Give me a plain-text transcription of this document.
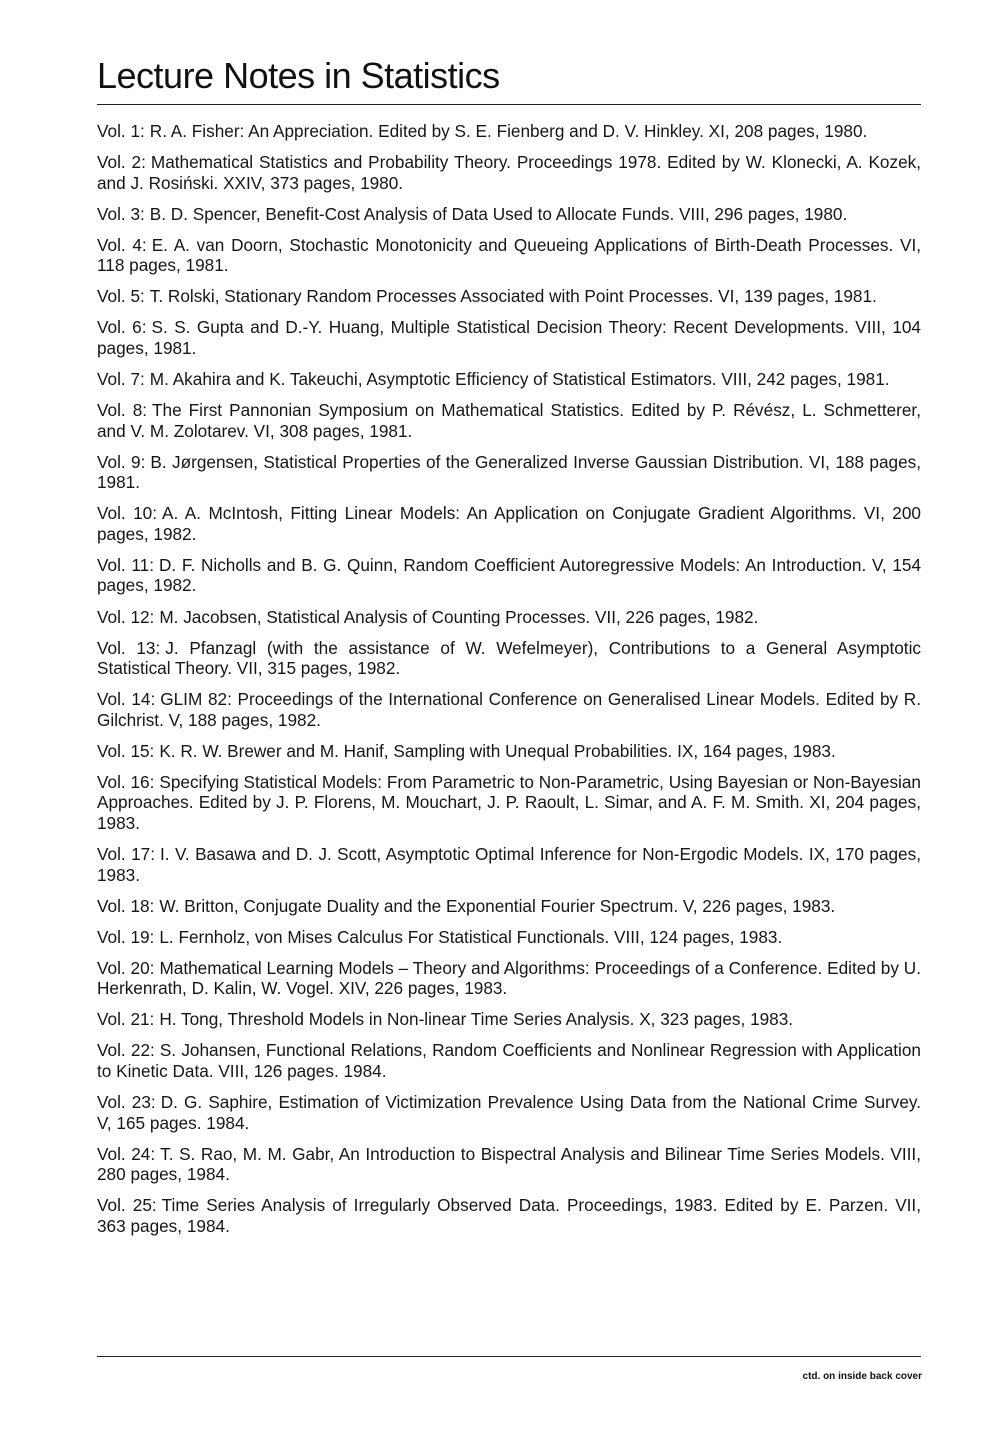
Lecture Notes in Statistics
Vol. 1: R. A. Fisher: An Appreciation. Edited by S. E. Fienberg and D. V. Hinkley. XI, 208 pages, 1980.
Vol. 2: Mathematical Statistics and Probability Theory. Proceedings 1978. Edited by W. Klonecki, A. Kozek, and J. Rosiński. XXIV, 373 pages, 1980.
Vol. 3: B. D. Spencer, Benefit-Cost Analysis of Data Used to Allocate Funds. VIII, 296 pages, 1980.
Vol. 4: E. A. van Doorn, Stochastic Monotonicity and Queueing Applications of Birth-Death Processes. VI, 118 pages, 1981.
Vol. 5: T. Rolski, Stationary Random Processes Associated with Point Processes. VI, 139 pages, 1981.
Vol. 6: S. S. Gupta and D.-Y. Huang, Multiple Statistical Decision Theory: Recent Developments. VIII, 104 pages, 1981.
Vol. 7: M. Akahira and K. Takeuchi, Asymptotic Efficiency of Statistical Estimators. VIII, 242 pages, 1981.
Vol. 8: The First Pannonian Symposium on Mathematical Statistics. Edited by P. Révész, L. Schmetterer, and V. M. Zolotarev. VI, 308 pages, 1981.
Vol. 9: B. Jørgensen, Statistical Properties of the Generalized Inverse Gaussian Distribution. VI, 188 pages, 1981.
Vol. 10: A. A. McIntosh, Fitting Linear Models: An Application on Conjugate Gradient Algorithms. VI, 200 pages, 1982.
Vol. 11: D. F. Nicholls and B. G. Quinn, Random Coefficient Autoregressive Models: An Introduction. V, 154 pages, 1982.
Vol. 12: M. Jacobsen, Statistical Analysis of Counting Processes. VII, 226 pages, 1982.
Vol. 13: J. Pfanzagl (with the assistance of W. Wefelmeyer), Contributions to a General Asymptotic Statistical Theory. VII, 315 pages, 1982.
Vol. 14: GLIM 82: Proceedings of the International Conference on Generalised Linear Models. Edited by R. Gilchrist. V, 188 pages, 1982.
Vol. 15: K. R. W. Brewer and M. Hanif, Sampling with Unequal Probabilities. IX, 164 pages, 1983.
Vol. 16: Specifying Statistical Models: From Parametric to Non-Parametric, Using Bayesian or Non-Bayesian Approaches. Edited by J. P. Florens, M. Mouchart, J. P. Raoult, L. Simar, and A. F. M. Smith. XI, 204 pages, 1983.
Vol. 17: I. V. Basawa and D. J. Scott, Asymptotic Optimal Inference for Non-Ergodic Models. IX, 170 pages, 1983.
Vol. 18: W. Britton, Conjugate Duality and the Exponential Fourier Spectrum. V, 226 pages, 1983.
Vol. 19: L. Fernholz, von Mises Calculus For Statistical Functionals. VIII, 124 pages, 1983.
Vol. 20: Mathematical Learning Models – Theory and Algorithms: Proceedings of a Conference. Edited by U. Herkenrath, D. Kalin, W. Vogel. XIV, 226 pages, 1983.
Vol. 21: H. Tong, Threshold Models in Non-linear Time Series Analysis. X, 323 pages, 1983.
Vol. 22: S. Johansen, Functional Relations, Random Coefficients and Nonlinear Regression with Application to Kinetic Data. VIII, 126 pages. 1984.
Vol. 23: D. G. Saphire, Estimation of Victimization Prevalence Using Data from the National Crime Survey. V, 165 pages. 1984.
Vol. 24: T. S. Rao, M. M. Gabr, An Introduction to Bispectral Analysis and Bilinear Time Series Models. VIII, 280 pages, 1984.
Vol. 25: Time Series Analysis of Irregularly Observed Data. Proceedings, 1983. Edited by E. Parzen. VII, 363 pages, 1984.
ctd. on inside back cover
